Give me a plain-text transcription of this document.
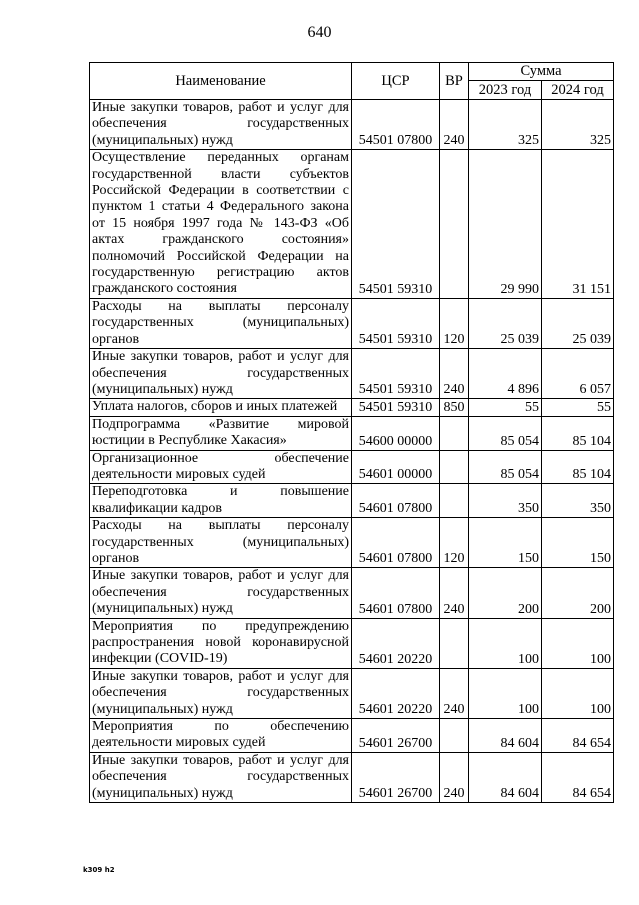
640
Наименование	ЦСР	ВР	Сумма	
			2023 год	2024 год
Иные закупки товаров, работ и услуг для обеспечения государственных (муниципальных) нужд	54501 07800	240	325	325
Осуществление переданных органам государственной власти субъектов Российской Федерации в соответствии с пунктом 1 статьи 4 Федерального закона от 15 ноября 1997 года № 143-ФЗ «Об актах гражданского состояния» полномочий Российской Федерации на государственную регистрацию актов гражданского состояния	54501 59310		29 990	31 151
Расходы на выплаты персоналу государственных (муниципальных) органов	54501 59310	120	25 039	25 039
Иные закупки товаров, работ и услуг для обеспечения государственных (муниципальных) нужд	54501 59310	240	4 896	6 057
Уплата налогов, сборов и иных платежей	54501 59310	850	55	55
Подпрограмма «Развитие мировой юстиции в Республике Хакасия»	54600 00000		85 054	85 104
Организационное обеспечение деятельности мировых судей	54601 00000		85 054	85 104
Переподготовка и повышение квалификации кадров	54601 07800		350	350
Расходы на выплаты персоналу государственных (муниципальных) органов	54601 07800	120	150	150
Иные закупки товаров, работ и услуг для обеспечения государственных (муниципальных) нужд	54601 07800	240	200	200
Мероприятия по предупреждению распространения новой коронавирусной инфекции (COVID-19)	54601 20220		100	100
Иные закупки товаров, работ и услуг для обеспечения государственных (муниципальных) нужд	54601 20220	240	100	100
Мероприятия по обеспечению деятельности мировых судей	54601 26700		84 604	84 654
Иные закупки товаров, работ и услуг для обеспечения государственных (муниципальных) нужд	54601 26700	240	84 604	84 654
k309 h2
